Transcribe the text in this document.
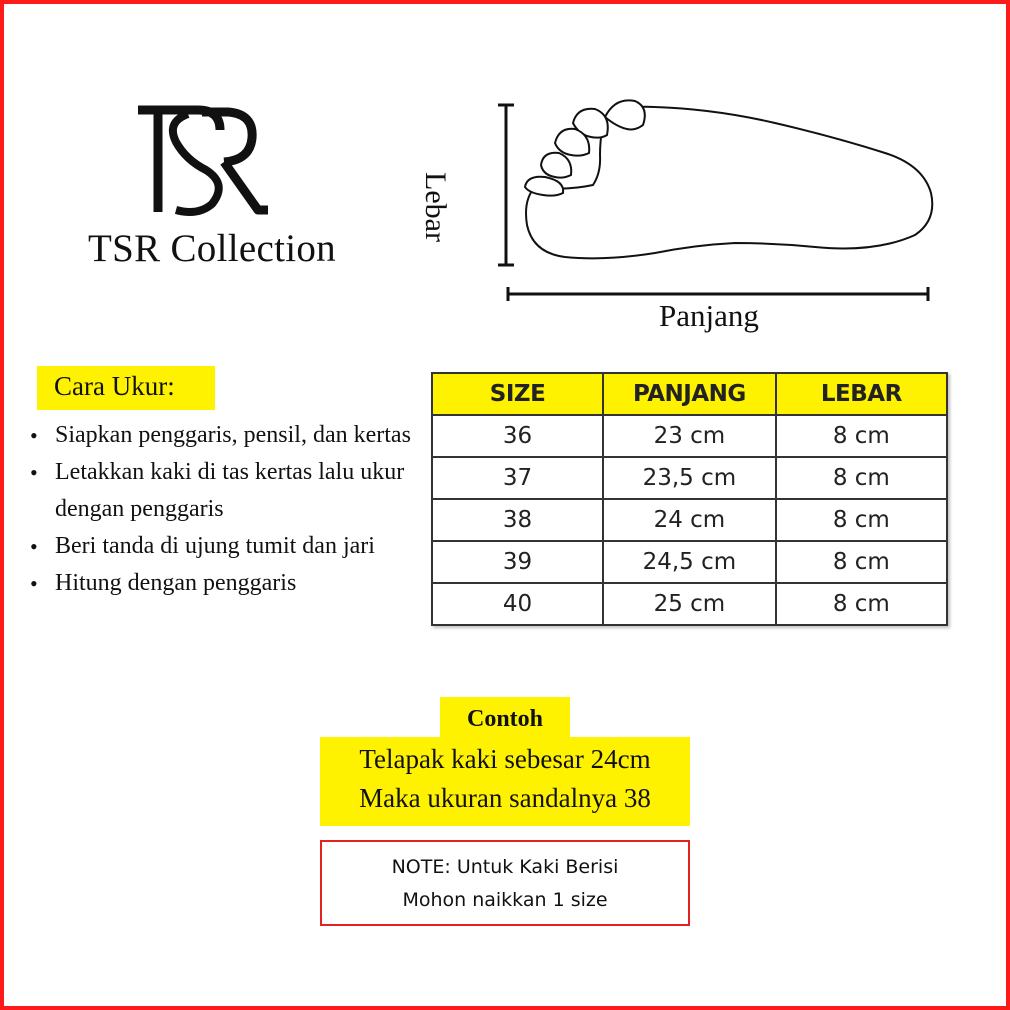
TSR Collection
Lebar
Panjang
Cara Ukur:
• Siapkan penggaris, pensil, dan kertas
• Letakkan kaki di tas kertas lalu ukur dengan penggaris
• Beri tanda di ujung tumit dan jari
• Hitung dengan penggaris
SIZE	PANJANG	LEBAR
36	23 cm	8 cm
37	23,5 cm	8 cm
38	24 cm	8 cm
39	24,5 cm	8 cm
40	25 cm	8 cm
Contoh
Telapak kaki sebesar 24cm
Maka ukuran sandalnya 38
NOTE: Untuk Kaki Berisi
Mohon naikkan 1 size
